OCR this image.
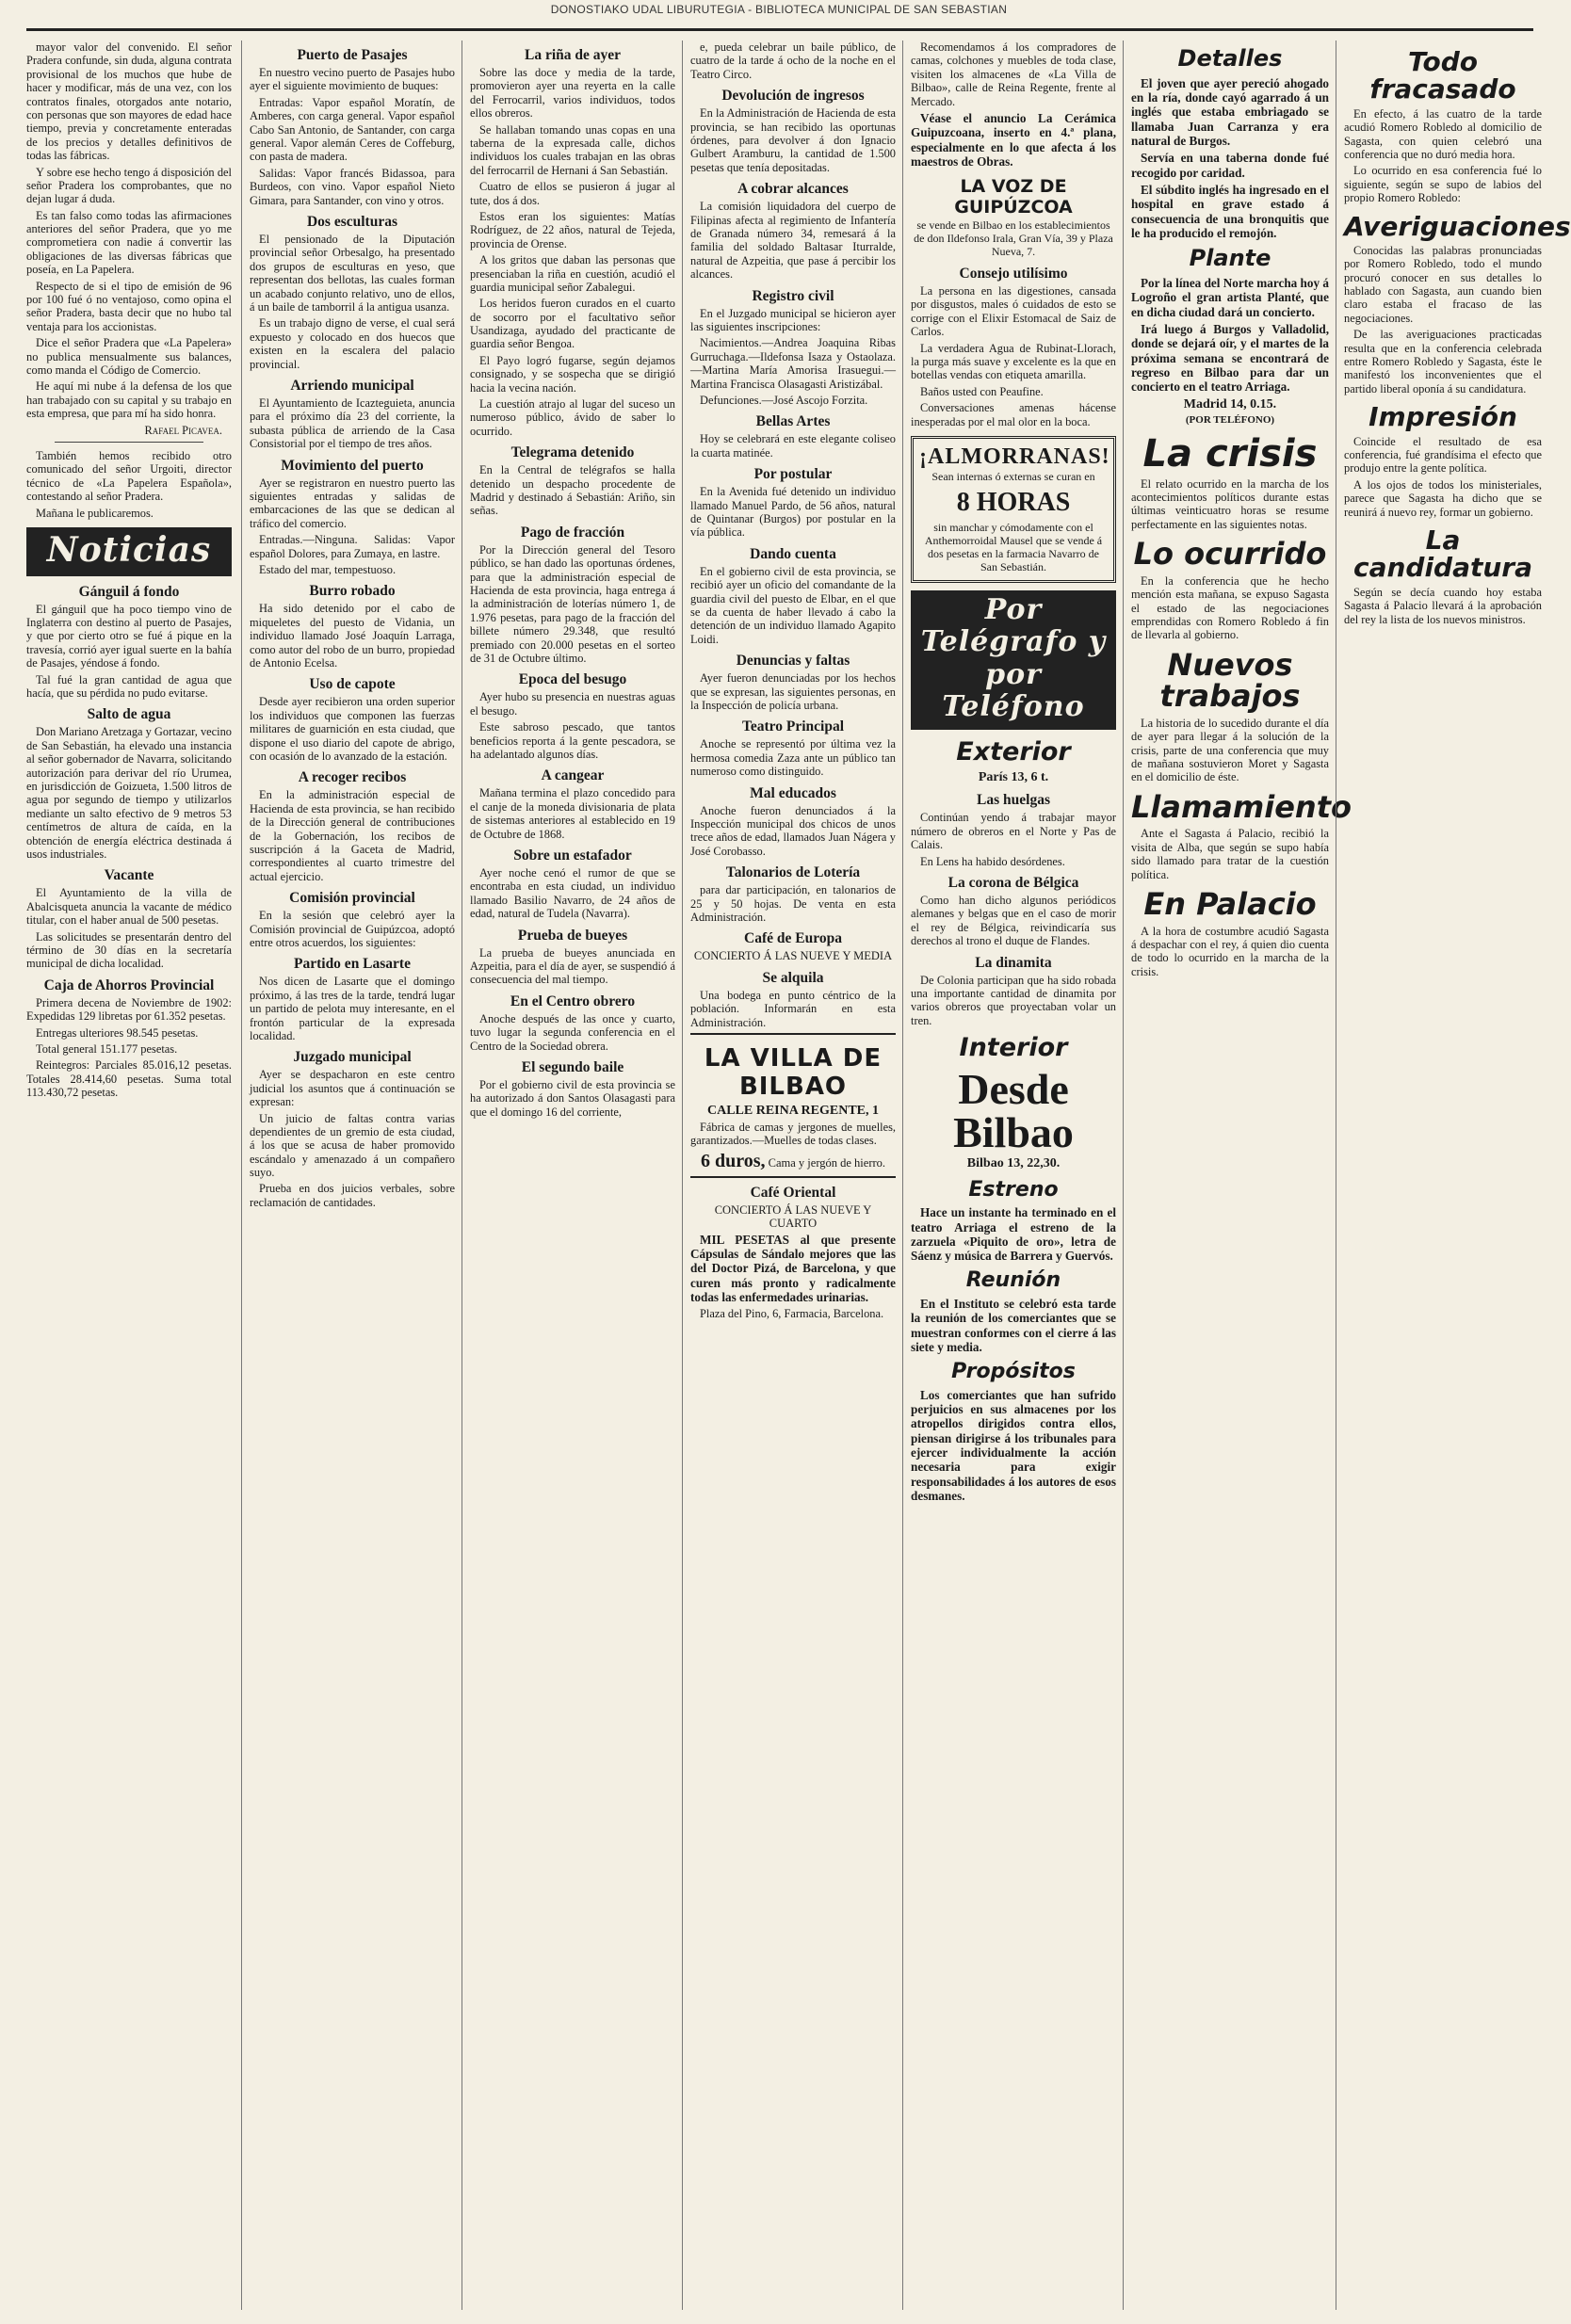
DONOSTIAKO UDAL LIBURUTEGIA - BIBLIOTECA MUNICIPAL DE SAN SEBASTIAN

mayor valor del convenido. El señor Pradera confunde, sin duda, alguna contrata provisional de los muchos que hube de hacer y modificar, más de una vez, con los contratos finales, otorgados ante notario, con personas que son mayores de edad hace tiempo, previa y concretamente enteradas de los precios y detalles definitivos de todas las fábricas.

Y sobre ese hecho tengo á disposición del señor Pradera los comprobantes, que no dejan lugar á duda.

Es tan falso como todas las afirmaciones anteriores del señor Pradera, que yo me comprometiera con nadie á convertir las obligaciones de las diversas fábricas que poseía, en La Papelera.

Respecto de si el tipo de emisión de 96 por 100 fué ó no ventajoso, como opina el señor Pradera, basta decir que no hubo tal ventaja para los accionistas.

Dice el señor Pradera que «La Papelera» no publica mensualmente sus balances, como manda el Código de Comercio.

He aquí mi nube á la defensa de los que han trabajado con su capital y su trabajo en esta empresa, que para mí ha sido honra.

Rafael Picavea.

También hemos recibido otro comunicado del señor Urgoiti, director técnico de «La Papelera Española», contestando al señor Pradera.

Mañana le publicaremos.

Noticias
Gánguil á fondo

El gánguil que ha poco tiempo vino de Inglaterra con destino al puerto de Pasajes, y que por cierto otro se fué á pique en la travesía, corrió ayer igual suerte en la bahía de Pasajes, yéndose á fondo.

Tal fué la gran cantidad de agua que hacía, que su pérdida no pudo evitarse.

Salto de agua

Don Mariano Aretzaga y Gortazar, vecino de San Sebastián, ha elevado una instancia al señor gobernador de Navarra, solicitando autorización para derivar del río Urumea, en jurisdicción de Goizueta, 1.500 litros de agua por segundo de tiempo y utilizarlos mediante un salto efectivo de 9 metros 53 centímetros de altura de caída, en la obtención de energía eléctrica destinada á usos industriales.

Vacante

El Ayuntamiento de la villa de Abalcisqueta anuncia la vacante de médico titular, con el haber anual de 500 pesetas.

Las solicitudes se presentarán dentro del término de 30 días en la secretaría municipal de dicha localidad.

Caja de Ahorros Provincial

Primera decena de Noviembre de 1902: Expedidas 129 libretas por 61.352 pesetas.

Entregas ulteriores 98.545 pesetas.

Total general 151.177 pesetas.

Reintegros: Parciales 85.016,12 pesetas. Totales 28.414,60 pesetas. Suma total 113.430,72 pesetas.

Puerto de Pasajes

En nuestro vecino puerto de Pasajes hubo ayer el siguiente movimiento de buques:

Entradas: Vapor español Moratín, de Amberes, con carga general. Vapor español Cabo San Antonio, de Santander, con carga general. Vapor alemán Ceres de Coffeburg, con pasta de madera.

Salidas: Vapor francés Bidassoa, para Burdeos, con vino. Vapor español Nieto Gimara, para Santander, con vino y otros.

Dos esculturas

El pensionado de la Diputación provincial señor Orbesalgo, ha presentado dos grupos de esculturas en yeso, que representan dos bellotas, las cuales forman un acabado conjunto relativo, uno de ellos, á un baile de tamborril á la antigua usanza.

Es un trabajo digno de verse, el cual será expuesto y colocado en dos huecos que existen en la escalera del palacio provincial.

Arriendo municipal

El Ayuntamiento de Icazteguieta, anuncia para el próximo día 23 del corriente, la subasta pública de arriendo de la Casa Consistorial por el tiempo de tres años.

Movimiento del puerto

Ayer se registraron en nuestro puerto las siguientes entradas y salidas de embarcaciones de las que se dedican al tráfico del comercio.

Entradas.—Ninguna. Salidas: Vapor español Dolores, para Zumaya, en lastre.

Estado del mar, tempestuoso.

Burro robado

Ha sido detenido por el cabo de miqueletes del puesto de Vidania, un individuo llamado José Joaquín Larraga, como autor del robo de un burro, propiedad de Antonio Ecelsa.

Uso de capote

Desde ayer recibieron una orden superior los individuos que componen las fuerzas militares de guarnición en esta ciudad, que dispone el uso diario del capote de abrigo, con ocasión de lo avanzado de la estación.

A recoger recibos

En la administración especial de Hacienda de esta provincia, se han recibido de la Dirección general de contribuciones de la Gobernación, los recibos de suscripción á la Gaceta de Madrid, correspondientes al cuarto trimestre del actual ejercicio.

Comisión provincial

En la sesión que celebró ayer la Comisión provincial de Guipúzcoa, adoptó entre otros acuerdos, los siguientes:

Partido en Lasarte

Nos dicen de Lasarte que el domingo próximo, á las tres de la tarde, tendrá lugar un partido de pelota muy interesante, en el frontón particular de la expresada localidad.

Juzgado municipal

Ayer se despacharon en este centro judicial los asuntos que á continuación se expresan:

Un juicio de faltas contra varias dependientes de un gremio de esta ciudad, á los que se acusa de haber promovido escándalo y amenazado á un compañero suyo.

Prueba en dos juicios verbales, sobre reclamación de cantidades.

La riña de ayer

Sobre las doce y media de la tarde, promovieron ayer una reyerta en la calle del Ferrocarril, varios individuos, todos ellos obreros.

Se hallaban tomando unas copas en una taberna de la expresada calle, dichos individuos los cuales trabajan en las obras del ferrocarril de Hernani á San Sebastián.

Cuatro de ellos se pusieron á jugar al tute, dos á dos.

Estos eran los siguientes: Matías Rodríguez, de 22 años, natural de Tejeda, provincia de Orense.

A los gritos que daban las personas que presenciaban la riña en cuestión, acudió el guardia municipal señor Zabalegui.

Los heridos fueron curados en el cuarto de socorro por el facultativo señor Usandizaga, ayudado del practicante de guardia señor Bengoa.

El Payo logró fugarse, según dejamos consignado, y se sospecha que se dirigió hacia la vecina nación.

La cuestión atrajo al lugar del suceso un numeroso público, ávido de saber lo ocurrido.

Telegrama detenido

En la Central de telégrafos se halla detenido un despacho procedente de Madrid y destinado á Sebastián: Ariño, sin señas.

Pago de fracción

Por la Dirección general del Tesoro público, se han dado las oportunas órdenes, para que la administración especial de Hacienda de esta provincia, haga entrega á la administración de loterías número 1, de 1.976 pesetas, para pago de la fracción del billete número 29.348, que resultó premiado con 20.000 pesetas en el sorteo de 31 de Octubre último.

Epoca del besugo

Ayer hubo su presencia en nuestras aguas el besugo.

Este sabroso pescado, que tantos beneficios reporta á la gente pescadora, se ha adelantado algunos días.

A cangear

Mañana termina el plazo concedido para el canje de la moneda divisionaria de plata de sistemas anteriores al establecido en 19 de Octubre de 1868.

Sobre un estafador

Ayer noche cenó el rumor de que se encontraba en esta ciudad, un individuo llamado Basilio Navarro, de 24 años de edad, natural de Tudela (Navarra).

Prueba de bueyes

La prueba de bueyes anunciada en Azpeitia, para el día de ayer, se suspendió á consecuencia del mal tiempo.

En el Centro obrero

Anoche después de las once y cuarto, tuvo lugar la segunda conferencia en el Centro de la Sociedad obrera.

El segundo baile

Por el gobierno civil de esta provincia se ha autorizado á don Santos Olasagasti para que el domingo 16 del corriente,

e, pueda celebrar un baile público, de cuatro de la tarde á ocho de la noche en el Teatro Circo.

Devolución de ingresos

En la Administración de Hacienda de esta provincia, se han recibido las oportunas órdenes, para devolver á don Ignacio Gulbert Aramburu, la cantidad de 1.500 pesetas que tenía depositadas.

A cobrar alcances

La comisión liquidadora del cuerpo de Filipinas afecta al regimiento de Infantería de Granada número 34, remesará á la familia del soldado Baltasar Iturralde, natural de Azpeitia, que pase á percibir los alcances.

Registro civil

En el Juzgado municipal se hicieron ayer las siguientes inscripciones:

Nacimientos.—Andrea Joaquina Ribas Gurruchaga.—Ildefonsa Isaza y Ostaolaza.—Martina María Amorisa Irasuegui.—Martina Francisca Olasagasti Aristizábal.

Defunciones.—José Ascojo Forzita.

Bellas Artes

Hoy se celebrará en este elegante coliseo la cuarta matinée.

Por postular

En la Avenida fué detenido un individuo llamado Manuel Pardo, de 56 años, natural de Quintanar (Burgos) por postular en la vía pública.

Dando cuenta

En el gobierno civil de esta provincia, se recibió ayer un oficio del comandante de la guardia civil del puesto de Elbar, en el que se da cuenta de haber llevado á cabo la detención de un individuo llamado Agapito Loidi.

Denuncias y faltas

Ayer fueron denunciadas por los hechos que se expresan, las siguientes personas, en la Inspección de policía urbana.

Teatro Principal

Anoche se representó por última vez la hermosa comedia Zaza ante un público tan numeroso como distinguido.

Mal educados

Anoche fueron denunciados á la Inspección municipal dos chicos de unos trece años de edad, llamados Juan Nágera y José Corobasso.

Talonarios de Lotería

para dar participación, en talonarios de 25 y 50 hojas. De venta en esta Administración.

Café de Europa
CONCIERTO Á LAS NUEVE Y MEDIA
Se alquila

Una bodega en punto céntrico de la población. Informarán en esta Administración.

LA VILLA DE BILBAO
CALLE REINA REGENTE, 1

Fábrica de camas y jergones de muelles, garantizados.—Muelles de todas clases.

6 duros, Cama y jergón de hierro.
Café Oriental
CONCIERTO Á LAS NUEVE Y CUARTO

MIL PESETAS al que presente Cápsulas de Sándalo mejores que las del Doctor Pizá, de Barcelona, y que curen más pronto y radicalmente todas las enfermedades urinarias.

Plaza del Pino, 6, Farmacia, Barcelona.

Recomendamos á los compradores de camas, colchones y muebles de toda clase, visiten los almacenes de «La Villa de Bilbao», calle de Reina Regente, frente al Mercado.

Véase el anuncio La Cerámica Guipuzcoana, inserto en 4.ª plana, especialmente en lo que afecta á los maestros de Obras.

LA VOZ DE GUIPÚZCOA
se vende en Bilbao en los establecimientos de don Ildefonso Irala, Gran Vía, 39 y Plaza Nueva, 7.
Consejo utilísimo

La persona en las digestiones, cansada por disgustos, males ó cuidados de esto se corrige con el Elixir Estomacal de Saiz de Carlos.

La verdadera Agua de Rubinat-Llorach, la purga más suave y excelente es la que en botellas vendas con etiqueta amarilla.

Baños usted con Peaufine.

Conversaciones amenas hácense inesperadas por el mal olor en la boca.

¡ALMORRANAS!
Sean internas ó externas se curan en
8 HORAS
sin manchar y cómodamente con el Anthemorroidal Mausel que se vende á dos pesetas en la farmacia Navarro de San Sebastián.
Por Telégrafo y por Teléfono
Exterior
París 13, 6 t.
Las huelgas

Continúan yendo á trabajar mayor número de obreros en el Norte y Pas de Calais.

En Lens ha habido desórdenes.

La corona de Bélgica

Como han dicho algunos periódicos alemanes y belgas que en el caso de morir el rey de Bélgica, reivindicaría sus derechos al trono el duque de Flandes.

La dinamita

De Colonia participan que ha sido robada una importante cantidad de dinamita por varios obreros que proyectaban volar un tren.

Interior
Desde Bilbao
Bilbao 13, 22,30.
Estreno

Hace un instante ha terminado en el teatro Arriaga el estreno de la zarzuela «Piquito de oro», letra de Sáenz y música de Barrera y Guervós.

Reunión

En el Instituto se celebró esta tarde la reunión de los comerciantes que se muestran conformes con el cierre á las siete y media.

Propósitos

Los comerciantes que han sufrido perjuicios en sus almacenes por los atropellos dirigidos contra ellos, piensan dirigirse á los tribunales para ejercer individualmente la acción necesaria para exigir responsabilidades á los autores de esos desmanes.

Detalles

El joven que ayer pereció ahogado en la ría, donde cayó agarrado á un inglés que estaba embriagado se llamaba Juan Carranza y era natural de Burgos.

Servía en una taberna donde fué recogido por caridad.

El súbdito inglés ha ingresado en el hospital en grave estado á consecuencia de una bronquitis que le ha producido el remojón.

Plante

Por la línea del Norte marcha hoy á Logroño el gran artista Planté, que en dicha ciudad dará un concierto.

Irá luego á Burgos y Valladolid, donde se dejará oír, y el martes de la próxima semana se encontrará de regreso en Bilbao para dar un concierto en el teatro Arriaga.

Madrid 14, 0.15.
(POR TELÉFONO)
La crisis

El relato ocurrido en la marcha de los acontecimientos políticos durante estas últimas veinticuatro horas se resume perfectamente en las siguientes notas.

Lo ocurrido

En la conferencia que he hecho mención esta mañana, se expuso Sagasta el estado de las negociaciones emprendidas con Romero Robledo á fin de llevarla al gobierno.

Nuevos trabajos

La historia de lo sucedido durante el día de ayer para llegar á la solución de la crisis, parte de una conferencia que muy de mañana sostuvieron Moret y Sagasta en el domicilio de éste.

Llamamiento

Ante el Sagasta á Palacio, recibió la visita de Alba, que según se supo había sido llamado para tratar de la cuestión política.

En Palacio

A la hora de costumbre acudió Sagasta á despachar con el rey, á quien dio cuenta de todo lo ocurrido en la marcha de la crisis.

Todo fracasado

En efecto, á las cuatro de la tarde acudió Romero Robledo al domicilio de Sagasta, con quien celebró una conferencia que no duró media hora.

Lo ocurrido en esa conferencia fué lo siguiente, según se supo de labios del propio Romero Robledo:

Averiguaciones

Conocidas las palabras pronunciadas por Romero Robledo, todo el mundo procuró conocer en sus detalles lo hablado con Sagasta, aun cuando bien claro estaba el fracaso de las negociaciones.

De las averiguaciones practicadas resulta que en la conferencia celebrada entre Romero Robledo y Sagasta, éste le manifestó los inconvenientes que el partido liberal oponía á su candidatura.

Impresión

Coincide el resultado de esa conferencia, fué grandísima el efecto que produjo entre la gente política.

A los ojos de todos los ministeriales, parece que Sagasta ha dicho que se reunirá á nuevo rey, formar un gobierno.

La candidatura

Según se decía cuando hoy estaba Sagasta á Palacio llevará á la aprobación del rey la lista de los nuevos ministros.
